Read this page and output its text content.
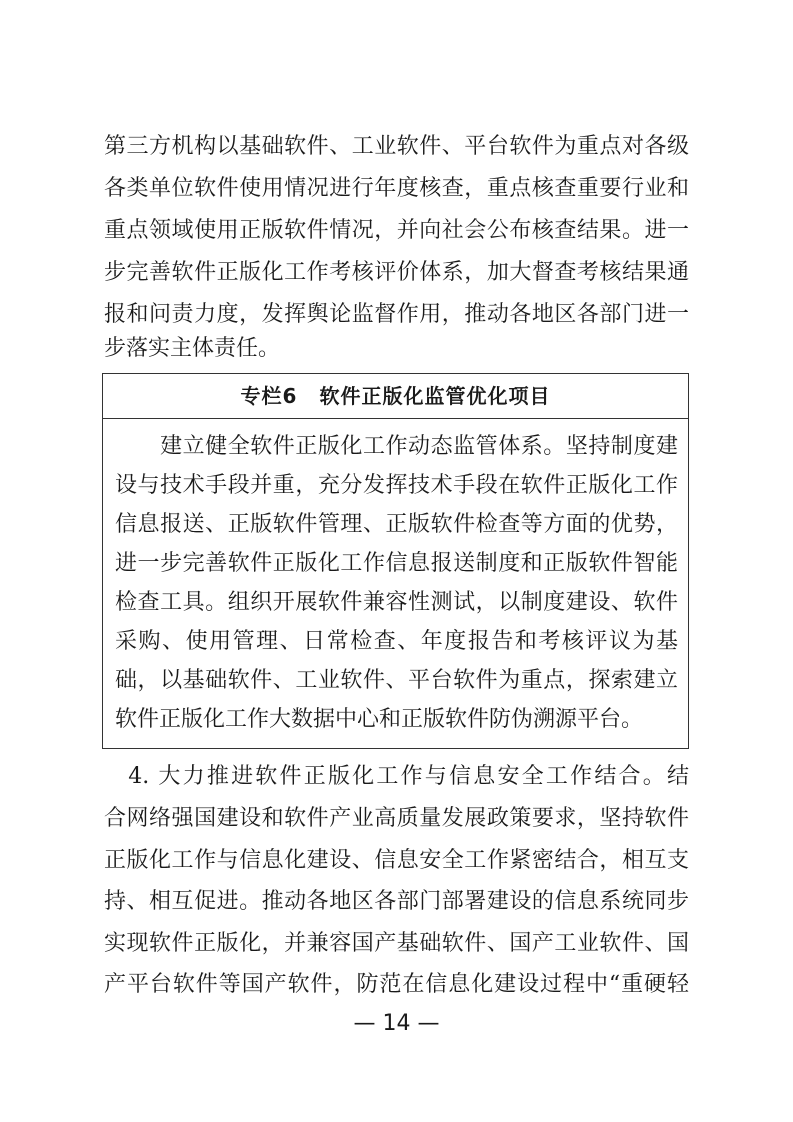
第三方机构以基础软件、工业软件、平台软件为重点对各级
各类单位软件使用情况进行年度核查，重点核查重要行业和
重点领域使用正版软件情况，并向社会公布核查结果。进一
步完善软件正版化工作考核评价体系，加大督查考核结果通
报和问责力度，发挥舆论监督作用，推动各地区各部门进一
步落实主体责任。
专栏6 软件正版化监管优化项目
　　建立健全软件正版化工作动态监管体系。坚持制度建
设与技术手段并重，充分发挥技术手段在软件正版化工作
信息报送、正版软件管理、正版软件检查等方面的优势，
进一步完善软件正版化工作信息报送制度和正版软件智能
检查工具。组织开展软件兼容性测试，以制度建设、软件
采购、使用管理、日常检查、年度报告和考核评议为基
础，以基础软件、工业软件、平台软件为重点，探索建立
软件正版化工作大数据中心和正版软件防伪溯源平台。
　4. 大力推进软件正版化工作与信息安全工作结合。结
合网络强国建设和软件产业高质量发展政策要求，坚持软件
正版化工作与信息化建设、信息安全工作紧密结合，相互支
持、相互促进。推动各地区各部门部署建设的信息系统同步
实现软件正版化，并兼容国产基础软件、国产工业软件、国
产平台软件等国产软件，防范在信息化建设过程中“重硬轻
— 14 —
